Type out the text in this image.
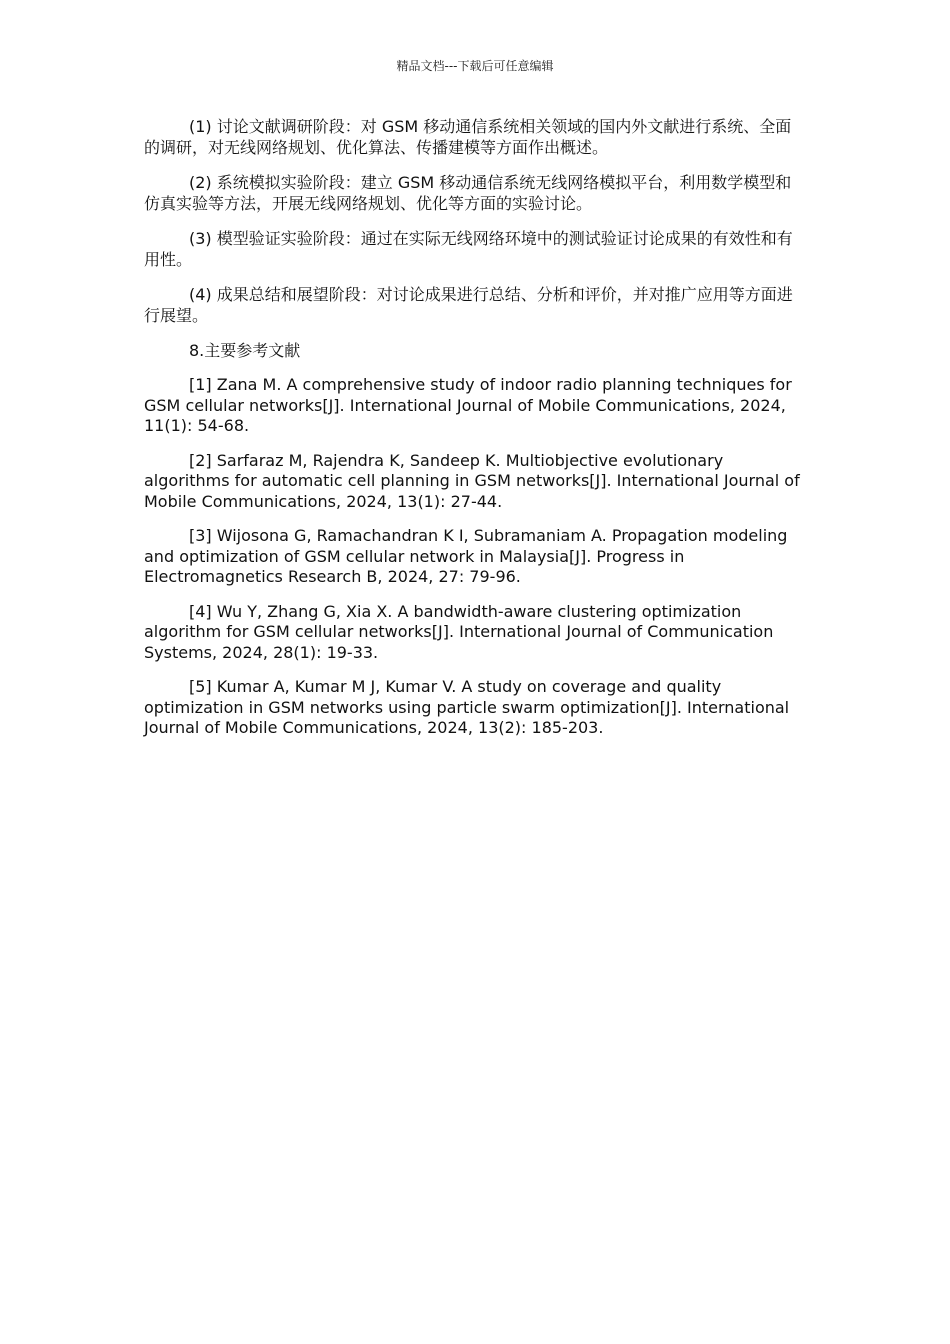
精品文档---下载后可任意编辑

(1) 讨论文献调研阶段：对 GSM 移动通信系统相关领域的国内外文献进行系统、全面的调研，对无线网络规划、优化算法、传播建模等方面作出概述。

(2) 系统模拟实验阶段：建立 GSM 移动通信系统无线网络模拟平台，利用数学模型和仿真实验等方法，开展无线网络规划、优化等方面的实验讨论。

(3) 模型验证实验阶段：通过在实际无线网络环境中的测试验证讨论成果的有效性和有用性。

(4) 成果总结和展望阶段：对讨论成果进行总结、分析和评价，并对推广应用等方面进行展望。

8.主要参考文献

[1] Zana M. A comprehensive study of indoor radio planning techniques for GSM cellular networks[J]. International Journal of Mobile Communications, 2024, 11(1): 54-68.

[2] Sarfaraz M, Rajendra K, Sandeep K. Multiobjective evolutionary algorithms for automatic cell planning in GSM networks[J]. International Journal of Mobile Communications, 2024, 13(1): 27-44.

[3] Wijosona G, Ramachandran K I, Subramaniam A. Propagation modeling and optimization of GSM cellular network in Malaysia[J]. Progress in Electromagnetics Research B, 2024, 27: 79-96.

[4] Wu Y, Zhang G, Xia X. A bandwidth-aware clustering optimization algorithm for GSM cellular networks[J]. International Journal of Communication Systems, 2024, 28(1): 19-33.

[5] Kumar A, Kumar M J, Kumar V. A study on coverage and quality optimization in GSM networks using particle swarm optimization[J]. International Journal of Mobile Communications, 2024, 13(2): 185-203.
